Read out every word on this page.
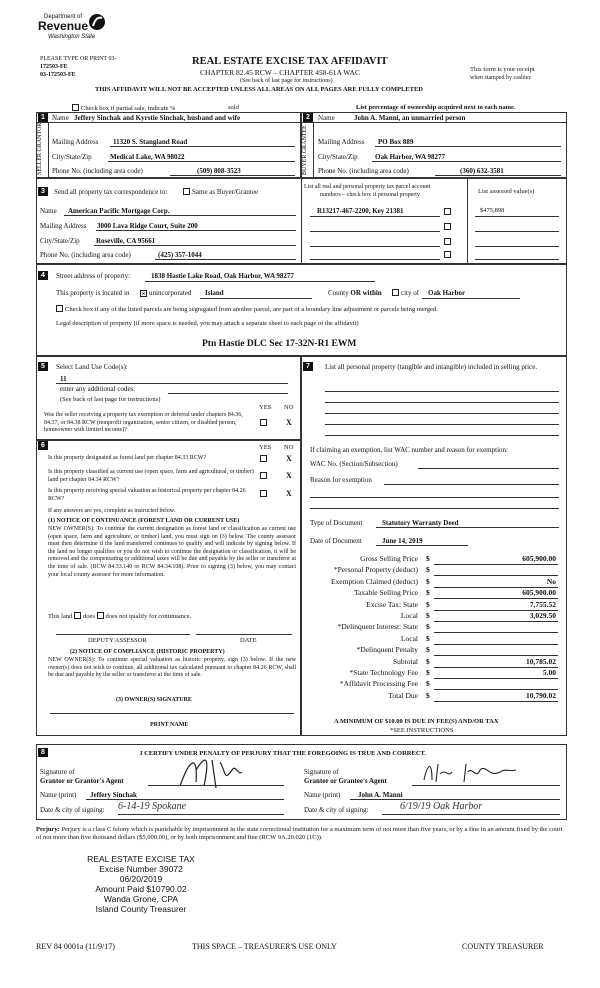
Department of
Revenue
Washington State
PLEASE TYPE OR PRINT 03-
172503-FE
03-172503-FE
REAL ESTATE EXCISE TAX AFFIDAVIT
CHAPTER 82.45 RCW – CHAPTER 458-61A WAC
(See back of last page for instructions)
This form is your receipt
when stamped by cashier.
THIS AFFIDAVIT WILL NOT BE ACCEPTED UNLESS ALL AREAS ON ALL PAGES ARE FULLY COMPLETED
Check box if partial sale, indicate %	sold	List percentage of ownership acquired next to each name.
1	Name Jeffery Sinchak and Kyrstie Sinchak, husband and wife
SELLER GRANTOR Mailing Address 11320 S. Stangland Road
City/State/Zip	Medical Lake, WA 98022
Phone No. (including area code)	(509) 808-3523
2	Name	John A. Manni, an unmarried person
BUYER GRANTEE Mailing Address PO Box 889
City/State/Zip Oak Harbor, WA 98277
Phone No. (including area code)	(360) 632-3581
3	Send all property tax correspondence to:	Same as Buyer/Grantee
Name American Pacific Mortgage Corp.
Mailing Address 3000 Lava Ridge Court, Suite 200
City/State/Zip Roseville, CA 95661
Phone No. (including area code)	(425) 357-1044
List all real and personal property tax parcel account
numbers – check box if personal property	List assessed value(s)
R13217-467-2200, Key 21381	$475,898
4	Street address of property:	1838 Hastie Lake Road, Oak Harbor, WA 98277
This property is located in × unincorporated Island	County OR within	city of Oak Harbor
Check box if any of the listed parcels are being segregated from another parcel, are part of a boundary line adjustment or parcels being merged.
Legal description of property (if more space is needed, you may attach a separate sheet to each page of the affidavit)
Ptn Hastie DLC Sec 17-32N-R1 EWM
5	Select Land Use Code(s):
11
enter any additional codes:
(See back of last page for instructions)
YES NO
Was the seller receiving a property tax exemption or deferral under chapters 84.36, 84.37, or 84.38 RCW (nonprofit organization, senior citizen, or disabled person, homeowner with limited income)?
X
6	YES NO
Is this property designated as forest land per chapter 84.33 RCW?	X
Is this property classified as current use (open space, farm and agricultural, or timber) land per chapter 84.34 RCW?	X
Is this property receiving special valuation as historical property per chapter 84.26 RCW?
X
If any answers are yes, complete as instructed below.
(1) NOTICE OF CONTINUANCE (FOREST LAND OR CURRENT USE)
NEW OWNER(S): To continue the current designation as forest land or classification as current use (open space, farm and agriculture, or timber) land, you must sign on (3) below. The county assessor must then determine if the land transferred continues to qualify and will indicate by signing below. If the land no longer qualifies or you do not wish to continue the designation or classification, it will be removed and the compensating or additional taxes will be due and payable by the seller or transferor at the time of sale. (RCW 84.33.140 or RCW 84.34.108). Prior to signing (3) below, you may contact your local county assessor for more information.
This land does does not qualify for continuance.
DEPUTY ASSESSOR	DATE
(2) NOTICE OF COMPLIANCE (HISTORIC PROPERTY)
NEW OWNER(S): To continue special valuation as historic property, sign (3) below. If the new owner(s) does not wish to continue, all additional tax calculated pursuant to chapter 84.26 RCW, shall be due and payable by the seller or transferor at the time of sale.
(3) OWNER(S) SIGNATURE
PRINT NAME
7	List all personal property (tangible and intangible) included in selling price.
If claiming an exemption, list WAC number and reason for exemption:
WAC No. (Section/Subsection)
Reason for exemption
Type of Document	Statutory Warranty Deed
Date of Document	June 14, 2019
Gross Selling Price $	605,900.00
*Personal Property (deduct) $
Exemption Claimed (deduct) $	No
Taxable Selling Price $	605,900.00
Excise Tax: State $	7,755.52
Local $	3,029.50
*Delinquent Interest: State $
Local $
*Delinquent Penalty $
Subtotal $	10,785.02
*State Technology Fee $	5.00
*Affidavit Processing Fee $
Total Due $	10,790.02
A MINIMUM OF $10.00 IS DUE IN FEE(S) AND/OR TAX
*SEE INSTRUCTIONS
8	I CERTIFY UNDER PENALTY OF PERJURY THAT THE FOREGOING IS TRUE AND CORRECT.
Signature of
Grantor or Grantor's Agent
Signature of
Grantee or Grantee's Agent
Name (print) Jeffery Sinchak	Name (print)	John A. Manni
Date & city of signing: 6-14-19 Spokane	Date & city of signing:	6/19/19 Oak Harbor
Perjury: Perjury is a class C felony which is punishable by imprisonment in the state correctional institution for a maximum term of not more than five years, or by a fine in an amount fixed by the court of not more than five thousand dollars ($5,000.00), or by both imprisonment and fine (RCW 9A.20.020 (1C)).
REAL ESTATE EXCISE TAX
Excise Number 39072
06/20/2019
Amount Paid $10790.02
Wanda Grone, CPA
Island County Treasurer
REV 84 0001a (11/9/17)	THIS SPACE – TREASURER'S USE ONLY	COUNTY TREASURER
